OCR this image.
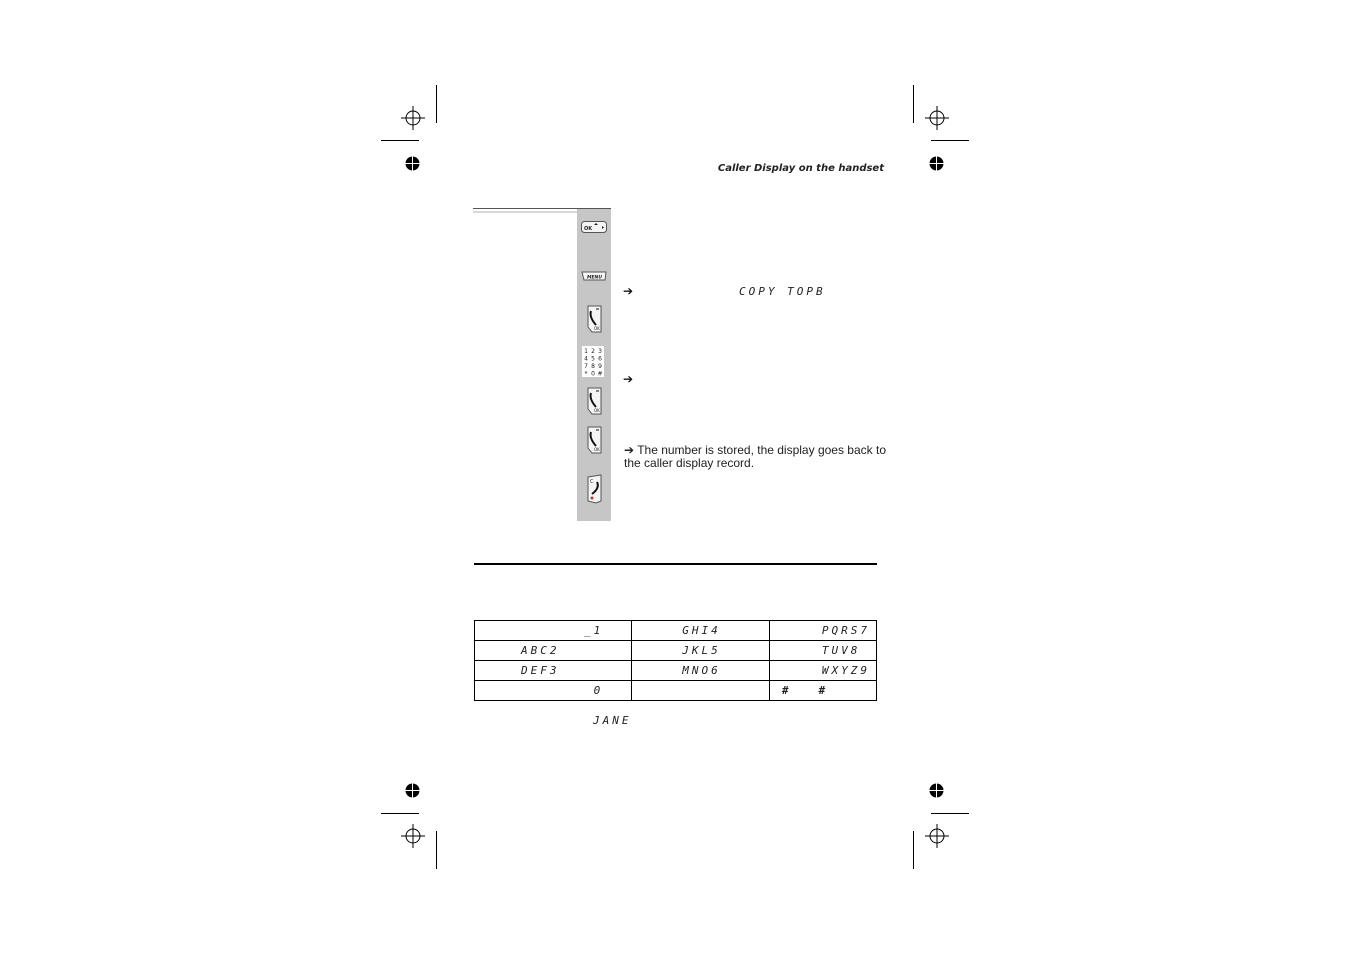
Caller Display on the handset
OK
MENU
OK
1 2 3
4 5 6
7 8 9
* 0 #
OK
OK
C
➔	COPY TOPB
➔
➔ The number is stored, the display goes back to the caller display record.
_1	GHI4	PQRS7
ABC2	JKL5	TUV8
DEF3	MNO6	WXYZ9
0		# #
JANE
